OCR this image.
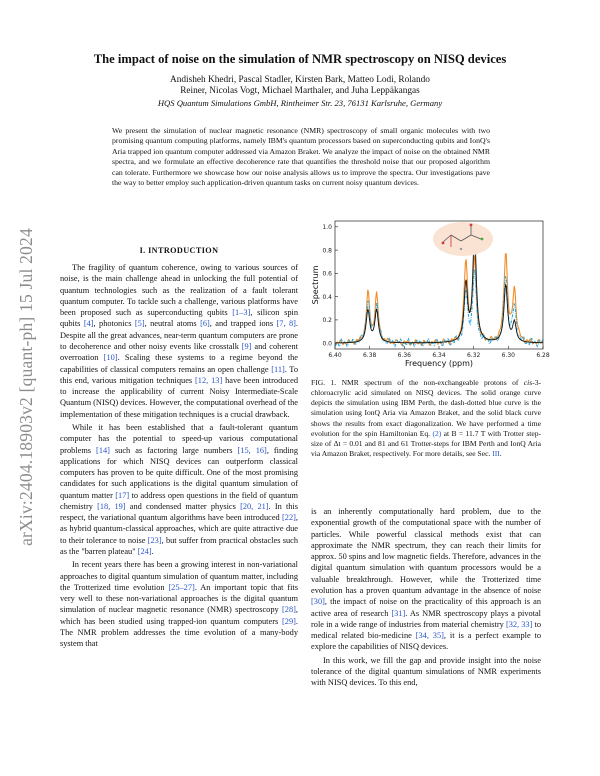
arXiv:2404.18903v2 [quant-ph] 15 Jul 2024
The impact of noise on the simulation of NMR spectroscopy on NISQ devices
Andisheh Khedri, Pascal Stadler, Kirsten Bark, Matteo Lodi, Rolando
Reiner, Nicolas Vogt, Michael Marthaler, and Juha Leppäkangas
HQS Quantum Simulations GmbH, Rintheimer Str. 23, 76131 Karlsruhe, Germany
We present the simulation of nuclear magnetic resonance (NMR) spectroscopy of small organic molecules with two promising quantum computing platforms, namely IBM's quantum processors based on superconducting qubits and IonQ's Aria trapped ion quantum computer addressed via Amazon Braket. We analyze the impact of noise on the obtained NMR spectra, and we formulate an effective decoherence rate that quantifies the threshold noise that our proposed algorithm can tolerate. Furthermore we showcase how our noise analysis allows us to improve the spectra. Our investigations pave the way to better employ such application-driven quantum tasks on current noisy quantum devices.
I. INTRODUCTION

The fragility of quantum coherence, owing to various sources of noise, is the main challenge ahead in unlocking the full potential of quantum technologies such as the realization of a fault tolerant quantum computer. To tackle such a challenge, various platforms have been proposed such as superconducting qubits [1–3], silicon spin qubits [4], photonics [5], neutral atoms [6], and trapped ions [7, 8]. Despite all the great advances, near-term quantum computers are prone to decoherence and other noisy events like crosstalk [9] and coherent overroation [10]. Scaling these systems to a regime beyond the capabilities of classical computers remains an open challenge [11]. To this end, various mitigation techniques [12, 13] have been introduced to increase the applicability of current Noisy Intermediate-Scale Quantum (NISQ) devices. However, the computational overhead of the implementation of these mitigation techniques is a crucial drawback.

While it has been established that a fault-tolerant quantum computer has the potential to speed-up various computational problems [14] such as factoring large numbers [15, 16], finding applications for which NISQ devices can outperform classical computers has proven to be quite difficult. One of the most promising candidates for such applications is the digital quantum simulation of quantum matter [17] to address open questions in the field of quantum chemistry [18, 19] and condensed matter physics [20, 21]. In this respect, the variational quantum algorithms have been introduced [22], as hybrid quantum-classical approaches, which are quite attractive due to their tolerance to noise [23], but suffer from practical obstacles such as the "barren plateau" [24].

In recent years there has been a growing interest in non-variational approaches to digital quantum simulation of quantum matter, including the Trotterized time evolution [25–27]. An important topic that fits very well to these non-variational approaches is the digital quantum simulation of nuclear magnetic resonance (NMR) spectroscopy [28], which has been studied using trapped-ion quantum computers [29]. The NMR problem addresses the time evolution of a many-body system that

0.0
0.2
0.4
0.6
0.8
1.0
6.40	6.38	6.36	6.34	6.32	6.30	6.28
Frequency (ppm)
Spectrum
FIG. 1. NMR spectrum of the non-exchangeable protons of cis-3-chloroacrylic acid simulated on NISQ devices. The solid orange curve depicts the simulation using IBM Perth, the dash-dotted blue curve is the simulation using IonQ Aria via Amazon Braket, and the solid black curve shows the results from exact diagonalization. We have performed a time evolution for the spin Hamiltonian Eq. (2) at B = 11.7 T with Trotter step-size of Δt = 0.01 and 81 and 61 Trotter-steps for IBM Perth and IonQ Aria via Amazon Braket, respectively. For more details, see Sec. III.

is an inherently computationally hard problem, due to the exponential growth of the computational space with the number of particles. While powerful classical methods exist that can approximate the NMR spectrum, they can reach their limits for approx. 50 spins and low magnetic fields. Therefore, advances in the digital quantum simulation with quantum processors would be a valuable breakthrough. However, while the Trotterized time evolution has a proven quantum advantage in the absence of noise [30], the impact of noise on the practicality of this approach is an active area of research [31]. As NMR spectroscopy plays a pivotal role in a wide range of industries from material chemistry [32, 33] to medical related bio-medicine [34, 35], it is a perfect example to explore the capabilities of NISQ devices.

In this work, we fill the gap and provide insight into the noise tolerance of the digital quantum simulations of NMR experiments with NISQ devices. To this end,
